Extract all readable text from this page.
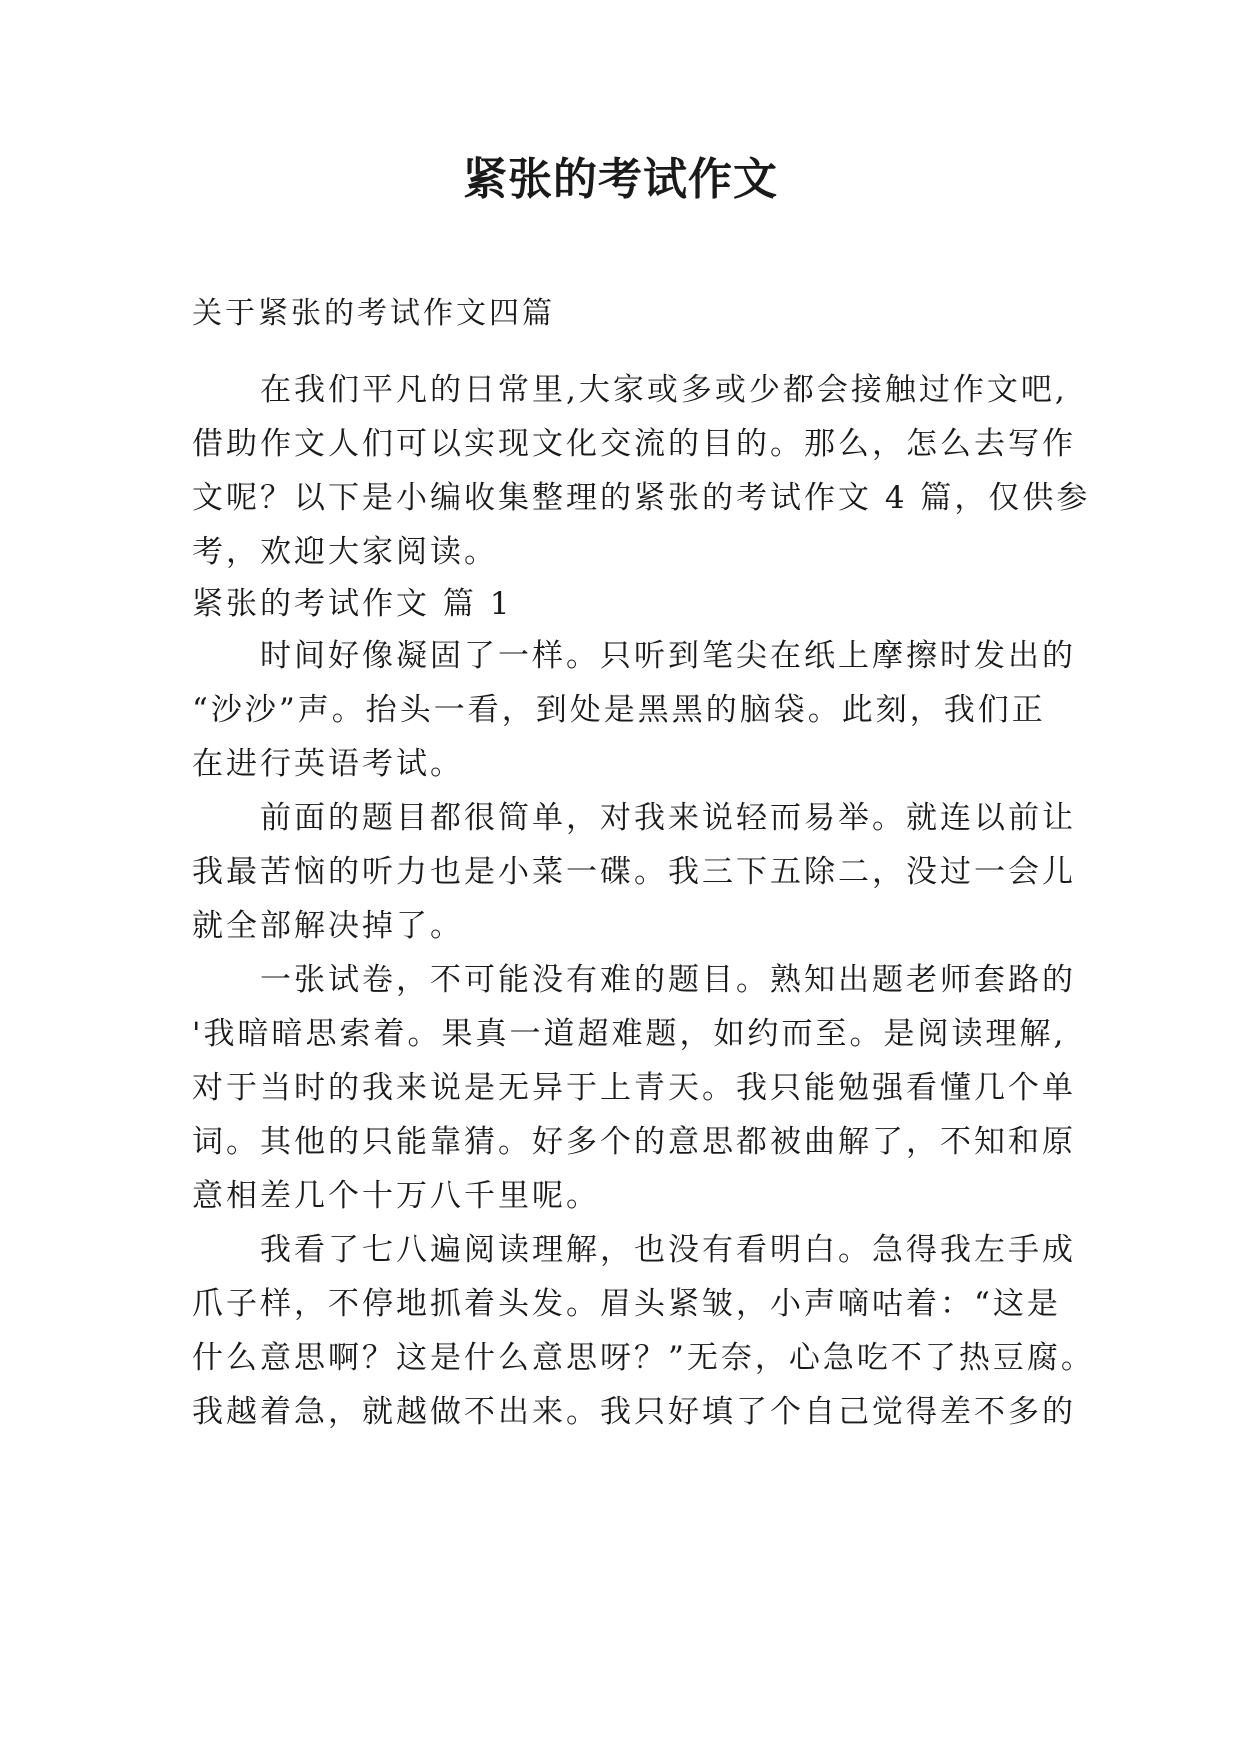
紧张的考试作文
关于紧张的考试作文四篇
　　在我们平凡的日常里,大家或多或少都会接触过作文吧,
借助作文人们可以实现文化交流的目的。那么，怎么去写作
文呢？以下是小编收集整理的紧张的考试作文 4 篇，仅供参
考，欢迎大家阅读。
紧张的考试作文 篇 1
　　时间好像凝固了一样。只听到笔尖在纸上摩擦时发出的
“沙沙”声。抬头一看，到处是黑黑的脑袋。此刻，我们正
在进行英语考试。
　　前面的题目都很简单，对我来说轻而易举。就连以前让
我最苦恼的听力也是小菜一碟。我三下五除二，没过一会儿
就全部解决掉了。
　　一张试卷，不可能没有难的题目。熟知出题老师套路的
'我暗暗思索着。果真一道超难题，如约而至。是阅读理解,
对于当时的我来说是无异于上青天。我只能勉强看懂几个单
词。其他的只能靠猜。好多个的意思都被曲解了，不知和原
意相差几个十万八千里呢。
　　我看了七八遍阅读理解，也没有看明白。急得我左手成
爪子样，不停地抓着头发。眉头紧皱，小声嘀咕着：“这是
什么意思啊？这是什么意思呀？”无奈，心急吃不了热豆腐。
我越着急，就越做不出来。我只好填了个自己觉得差不多的
